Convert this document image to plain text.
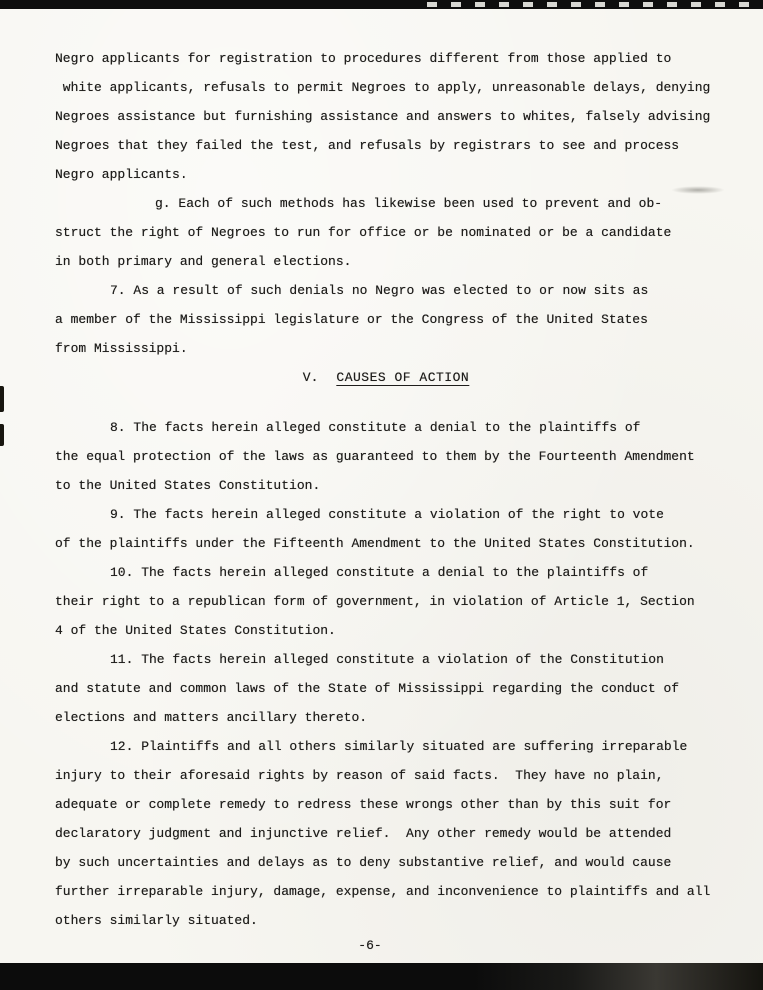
Negro applicants for registration to procedures different from those applied to
white applicants, refusals to permit Negroes to apply, unreasonable delays, denying
Negroes assistance but furnishing assistance and answers to whites, falsely advising
Negroes that they failed the test, and refusals by registrars to see and process
Negro applicants.
g. Each of such methods has likewise been used to prevent and ob-
struct the right of Negroes to run for office or be nominated or be a candidate
in both primary and general elections.
7. As a result of such denials no Negro was elected to or now sits as
a member of the Mississippi legislature or the Congress of the United States
from Mississippi.
V. CAUSES OF ACTION
8. The facts herein alleged constitute a denial to the plaintiffs of
the equal protection of the laws as guaranteed to them by the Fourteenth Amendment
to the United States Constitution.
9. The facts herein alleged constitute a violation of the right to vote
of the plaintiffs under the Fifteenth Amendment to the United States Constitution.
10. The facts herein alleged constitute a denial to the plaintiffs of
their right to a republican form of government, in violation of Article 1, Section
4 of the United States Constitution.
11. The facts herein alleged constitute a violation of the Constitution
and statute and common laws of the State of Mississippi regarding the conduct of
elections and matters ancillary thereto.
12. Plaintiffs and all others similarly situated are suffering irreparable
injury to their aforesaid rights by reason of said facts.  They have no plain,
adequate or complete remedy to redress these wrongs other than by this suit for
declaratory judgment and injunctive relief.  Any other remedy would be attended
by such uncertainties and delays as to deny substantive relief, and would cause
further irreparable injury, damage, expense, and inconvenience to plaintiffs and all
others similarly situated.
-6-
